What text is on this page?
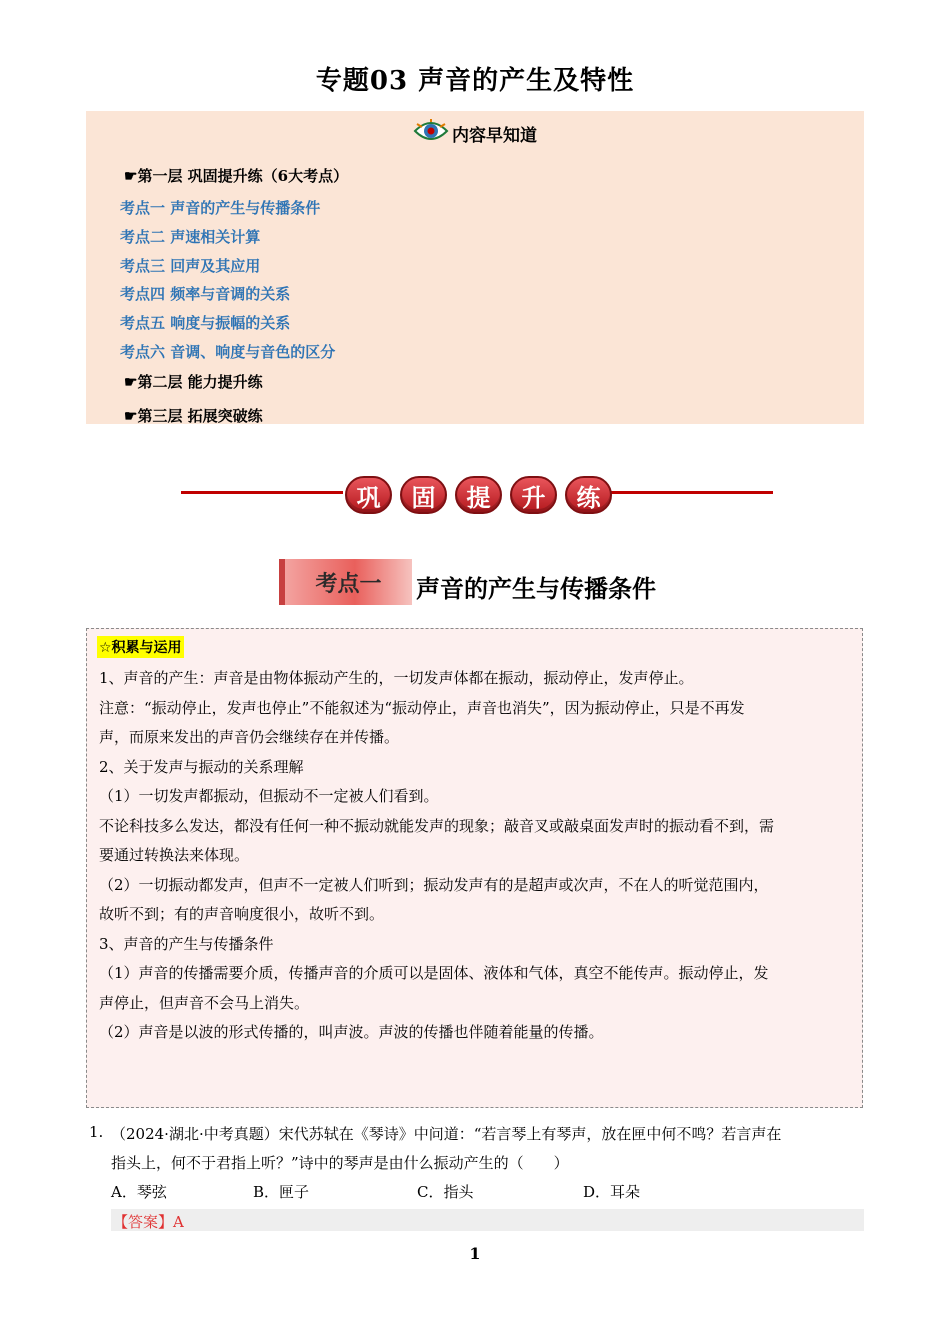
专题03 声音的产生及特性
内容早知道
☛第一层 巩固提升练（6大考点）
考点一 声音的产生与传播条件
考点二 声速相关计算
考点三 回声及其应用
考点四 频率与音调的关系
考点五 响度与振幅的关系
考点六 音调、响度与音色的区分
☛第二层 能力提升练
☛第三层 拓展突破练
巩	固	提	升	练
考点一	声音的产生与传播条件
☆积累与运用
1、声音的产生：声音是由物体振动产生的，一切发声体都在振动，振动停止，发声停止。
注意：“振动停止，发声也停止”不能叙述为“振动停止，声音也消失”，因为振动停止，只是不再发
声，而原来发出的声音仍会继续存在并传播。
2、关于发声与振动的关系理解
（1）一切发声都振动，但振动不一定被人们看到。
不论科技多么发达，都没有任何一种不振动就能发声的现象；敲音叉或敲桌面发声时的振动看不到，需
要通过转换法来体现。
（2）一切振动都发声，但声不一定被人们听到；振动发声有的是超声或次声，不在人的听觉范围内，
故听不到；有的声音响度很小，故听不到。
3、声音的产生与传播条件
（1）声音的传播需要介质，传播声音的介质可以是固体、液体和气体，真空不能传声。振动停止，发
声停止，但声音不会马上消失。
（2）声音是以波的形式传播的，叫声波。声波的传播也伴随着能量的传播。
1. （2024·湖北·中考真题）宋代苏轼在《琴诗》中问道：“若言琴上有琴声，放在匣中何不鸣？若言声在
指头上，何不于君指上听？”诗中的琴声是由什么振动产生的（　　）
A．琴弦	B．匣子	C．指头	D．耳朵
【答案】A
1
